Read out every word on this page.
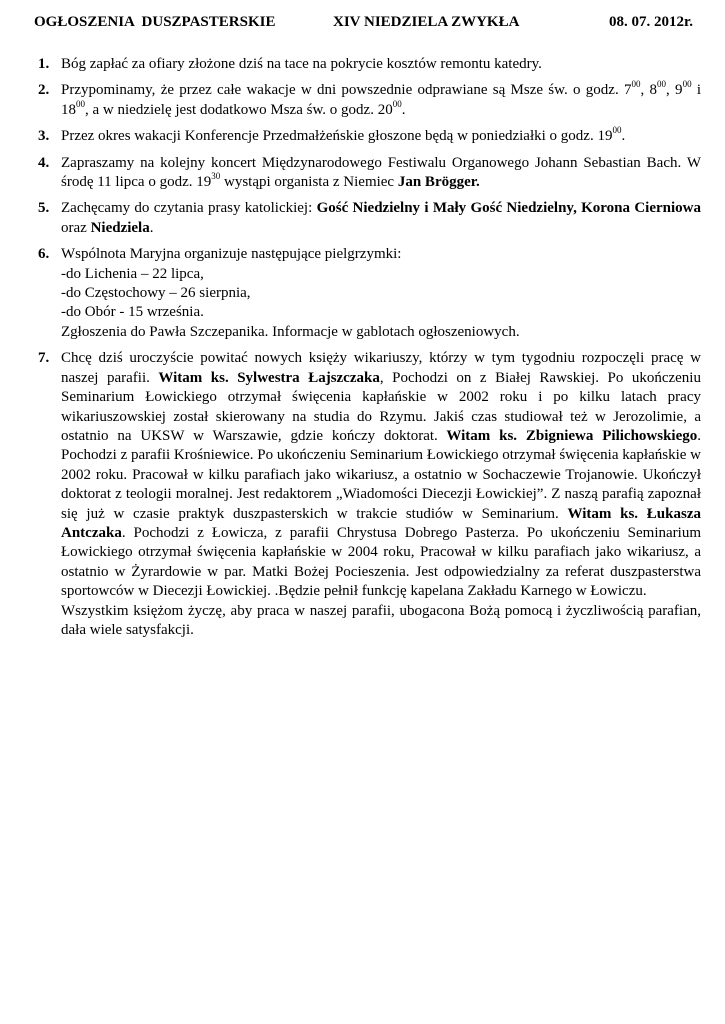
OGŁOSZENIA  DUSZPASTERSKIE	XIV NIEDZIELA ZWYKŁA	08. 07. 2012r.
1. Bóg zapłać za ofiary złożone dziś na tace na pokrycie kosztów remontu katedry.
2. Przypominamy, że przez całe wakacje w dni powszednie odprawiane są Msze św. o godz. $7^{00}$, $8^{00}$, $9^{00}$ i $18^{00}$, a w niedzielę jest dodatkowo Msza św. o godz. $20^{00}$.
3. Przez okres wakacji Konferencje Przedmałżeńskie głoszone będą w poniedziałki o godz. $19^{00}$.
4. Zapraszamy na kolejny koncert Międzynarodowego Festiwalu Organowego Johann Sebastian Bach. W środę 11 lipca o godz. $19^{30}$ wystąpi organista z Niemiec Jan Brögger.
5. Zachęcamy do czytania prasy katolickiej: Gość Niedzielny i Mały Gość Niedzielny, Korona Cierniowa oraz Niedziela.
6. Wspólnota Maryjna organizuje następujące pielgrzymki:
-do Lichenia – 22 lipca,
-do Częstochowy – 26 sierpnia,
-do Obór - 15 września.
Zgłoszenia do Pawła Szczepanika. Informacje w gablotach ogłoszeniowych.
7. Chcę dziś uroczyście powitać nowych księży wikariuszy, którzy w tym tygodniu rozpoczęli pracę w naszej parafii. Witam ks. Sylwestra Łajszczaka, Pochodzi on z Białej Rawskiej. Po ukończeniu Seminarium Łowickiego otrzymał święcenia kapłańskie w 2002 roku i po kilku latach pracy wikariuszowskiej został skierowany na studia do Rzymu. Jakiś czas studiował też w Jerozolimie, a ostatnio na UKSW w Warszawie, gdzie kończy doktorat. Witam ks. Zbigniewa Pilichowskiego. Pochodzi z parafii Krośniewice. Po ukończeniu Seminarium Łowickiego otrzymał święcenia kapłańskie w 2002 roku. Pracował w kilku parafiach jako wikariusz, a ostatnio w Sochaczewie Trojanowie. Ukończył doktorat z teologii moralnej. Jest redaktorem „Wiadomości Diecezji Łowickiej”. Z naszą parafią zapoznał się już w czasie praktyk duszpasterskich w trakcie studiów w Seminarium. Witam ks. Łukasza Antczaka. Pochodzi z Łowicza, z parafii Chrystusa Dobrego Pasterza. Po ukończeniu Seminarium Łowickiego otrzymał święcenia kapłańskie w 2004 roku, Pracował w kilku parafiach jako wikariusz, a ostatnio w Żyrardowie w par. Matki Bożej Pocieszenia. Jest odpowiedzialny za referat duszpasterstwa sportowców w Diecezji Łowickiej. .Będzie pełnił funkcję kapelana Zakładu Karnego w Łowiczu.
Wszystkim księżom życzę, aby praca w naszej parafii, ubogacona Bożą pomocą i życzliwością parafian, dała wiele satysfakcji.
